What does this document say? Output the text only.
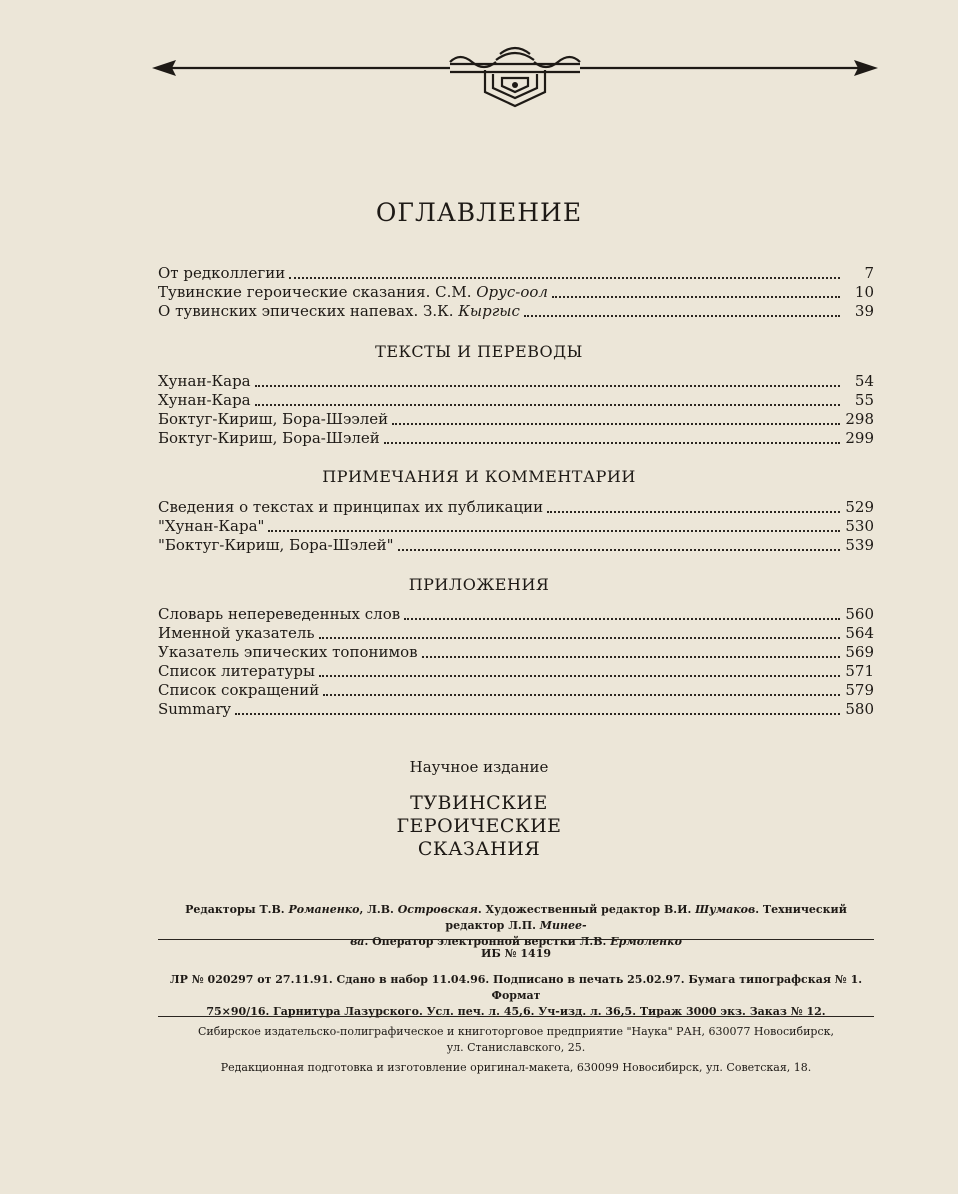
ОГЛАВЛЕНИЕ
От редколлегии	7
Тувинские героические сказания. С.М. Орус-оол	10
О тувинских эпических напевах. З.К. Кыргыс	39
ТЕКСТЫ И ПЕРЕВОДЫ
Хунан-Кара	54
Хунан-Кара	55
Боктуг-Кириш, Бора-Шээлей	298
Боктуг-Кириш, Бора-Шэлей	299
ПРИМЕЧАНИЯ И КОММЕНТАРИИ
Сведения о текстах и принципах их публикации	529
"Хунан-Кара"	530
"Боктуг-Кириш, Бора-Шэлей"	539
ПРИЛОЖЕНИЯ
Словарь непереведенных слов	560
Именной указатель	564
Указатель эпических топонимов	569
Список литературы	571
Список сокращений	579
Summary	580
Научное издание
ТУВИНСКИЕ
ГЕРОИЧЕСКИЕ
СКАЗАНИЯ
Редакторы Т.В. Романенко, Л.В. Островская. Художественный редактор В.И. Шумаков. Технический редактор Л.П. Минее-
ва. Оператор электронной верстки Л.В. Ермоленко
ИБ № 1419
ЛР № 020297 от 27.11.91. Сдано в набор 11.04.96. Подписано в печать 25.02.97. Бумага типографская № 1. Формат
75×90/16. Гарнитура Лазурского. Усл. печ. л. 45,6. Уч-изд. л. 36,5. Тираж 3000 экз. Заказ № 12.
Сибирское издательско-полиграфическое и книготорговое предприятие "Наука" РАН, 630077 Новосибирск,
ул. Станиславского, 25.
Редакционная подготовка и изготовление оригинал-макета, 630099 Новосибирск, ул. Советская, 18.
